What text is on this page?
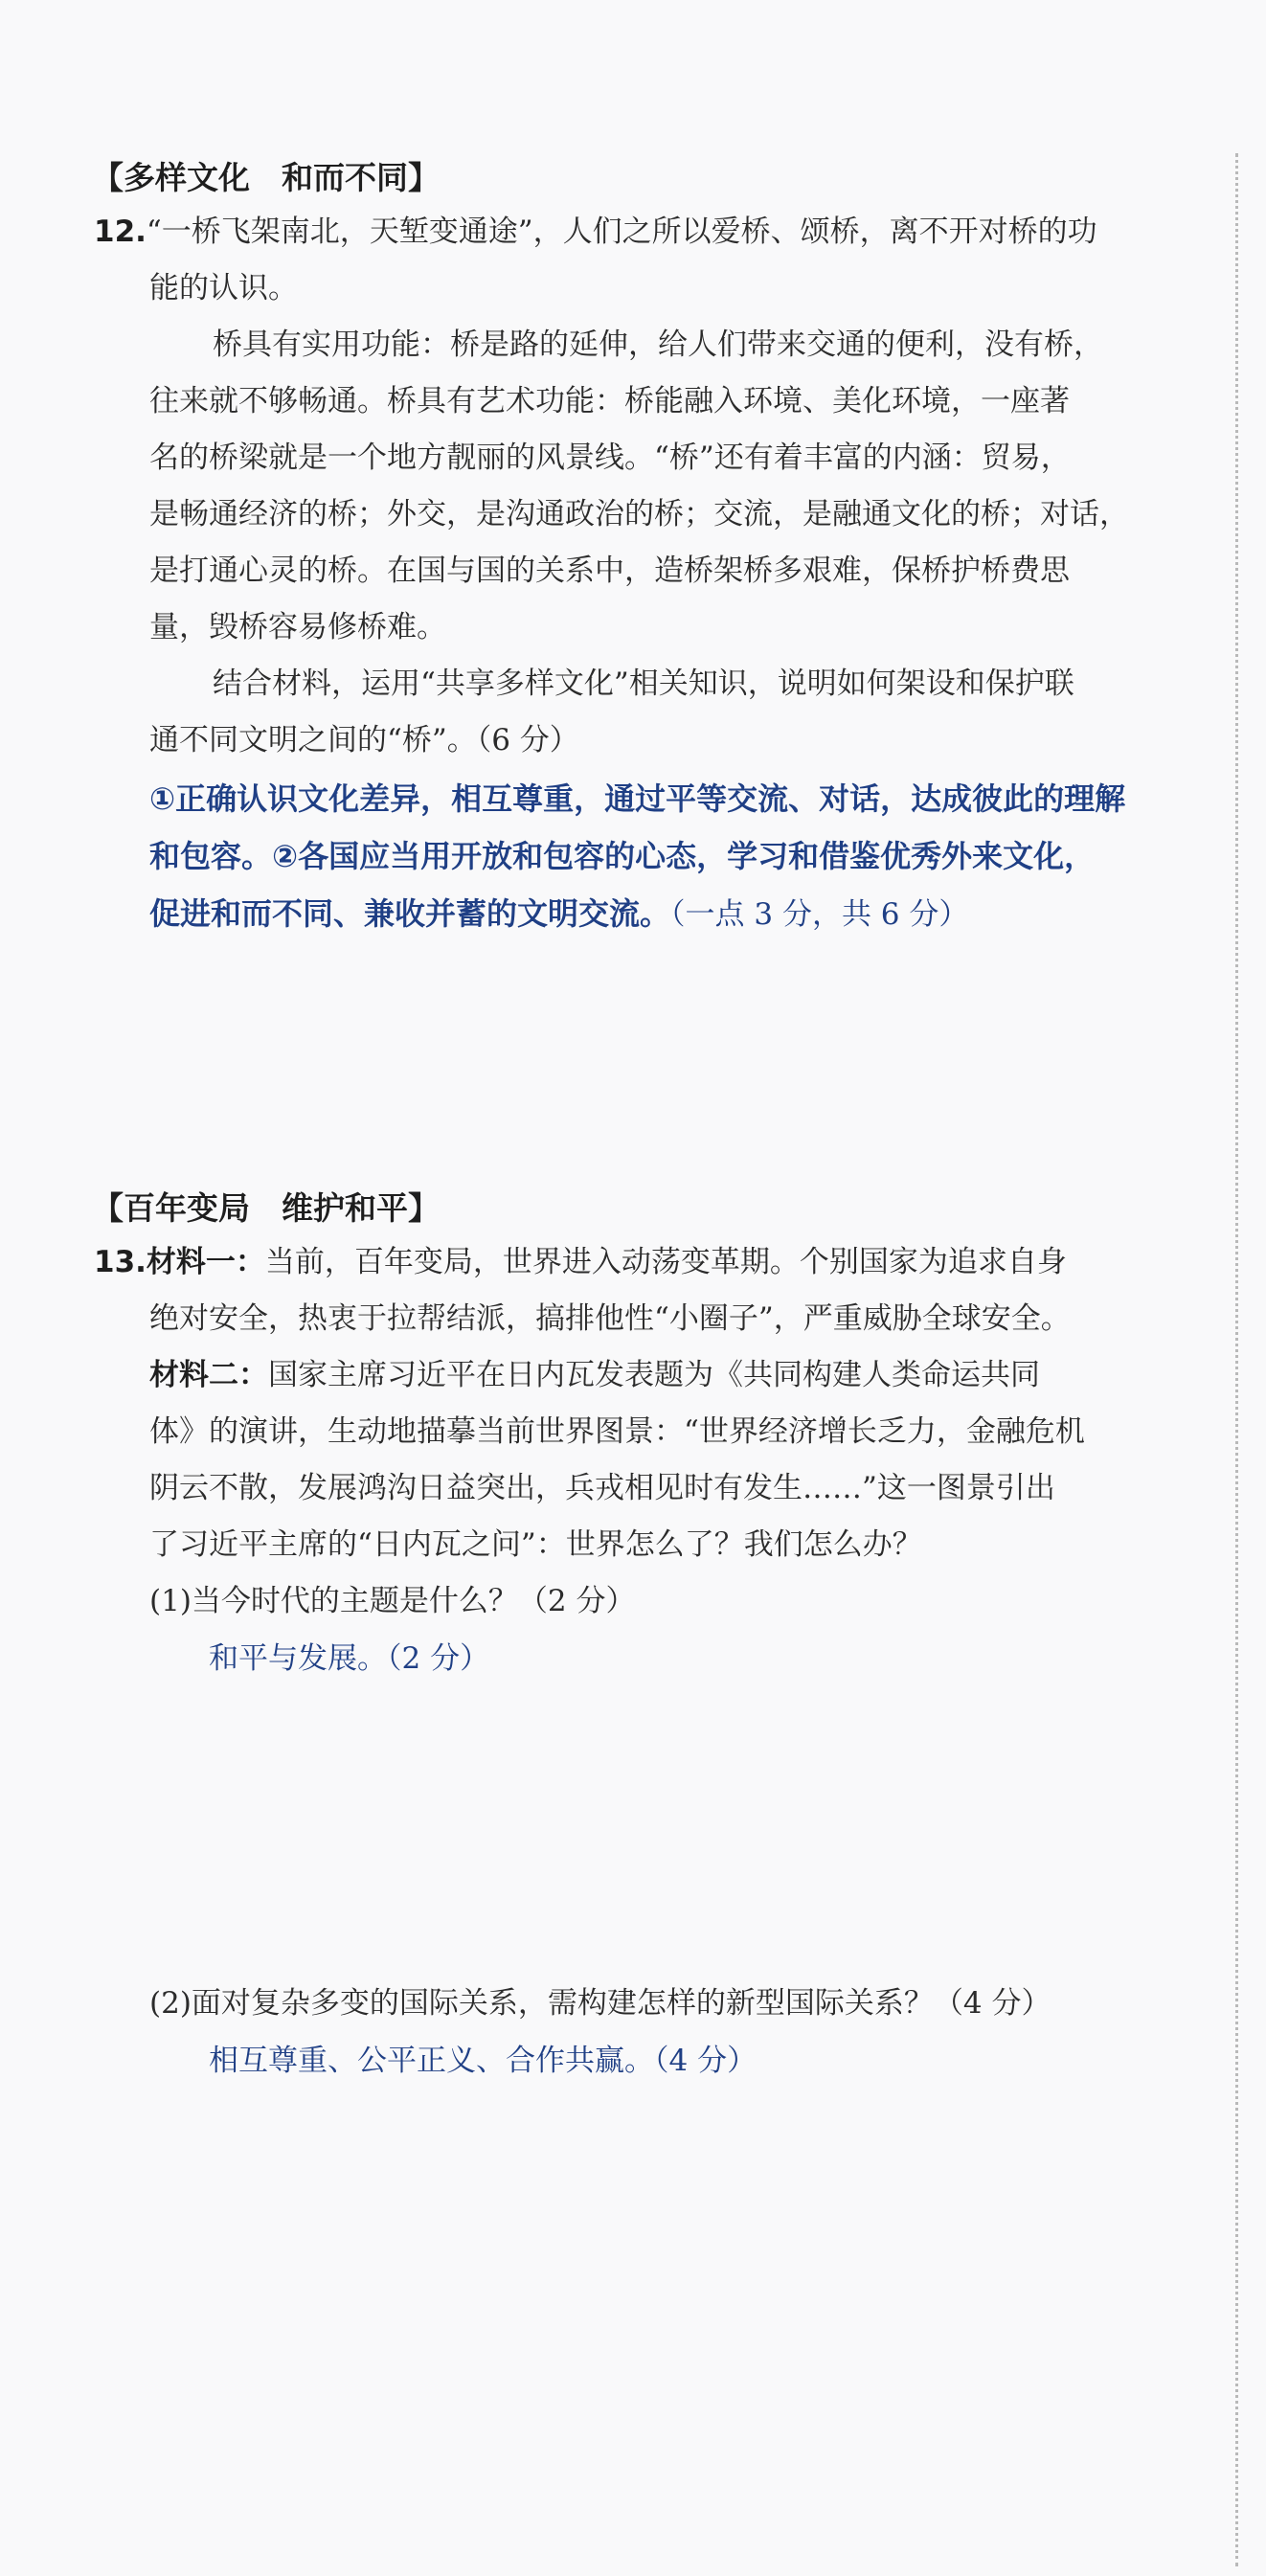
【多样文化　和而不同】
12.“一桥飞架南北，天堑变通途”，人们之所以爱桥、颂桥，离不开对桥的功
能的认识。
桥具有实用功能：桥是路的延伸，给人们带来交通的便利，没有桥，
往来就不够畅通。桥具有艺术功能：桥能融入环境、美化环境，一座著
名的桥梁就是一个地方靓丽的风景线。“桥”还有着丰富的内涵：贸易，
是畅通经济的桥；外交，是沟通政治的桥；交流，是融通文化的桥；对话，
是打通心灵的桥。在国与国的关系中，造桥架桥多艰难，保桥护桥费思
量，毁桥容易修桥难。
结合材料，运用“共享多样文化”相关知识，说明如何架设和保护联
通不同文明之间的“桥”。（6 分）
①正确认识文化差异，相互尊重，通过平等交流、对话，达成彼此的理解
和包容。②各国应当用开放和包容的心态，学习和借鉴优秀外来文化，
促进和而不同、兼收并蓄的文明交流。（一点 3 分，共 6 分）
【百年变局　维护和平】
13.材料一：当前，百年变局，世界进入动荡变革期。个别国家为追求自身
绝对安全，热衷于拉帮结派，搞排他性“小圈子”，严重威胁全球安全。
材料二：国家主席习近平在日内瓦发表题为《共同构建人类命运共同
体》的演讲，生动地描摹当前世界图景：“世界经济增长乏力，金融危机
阴云不散，发展鸿沟日益突出，兵戎相见时有发生……”这一图景引出
了习近平主席的“日内瓦之问”：世界怎么了？我们怎么办？
(1)当今时代的主题是什么？（2 分）
和平与发展。（2 分）
(2)面对复杂多变的国际关系，需构建怎样的新型国际关系？（4 分）
相互尊重、公平正义、合作共赢。（4 分）
